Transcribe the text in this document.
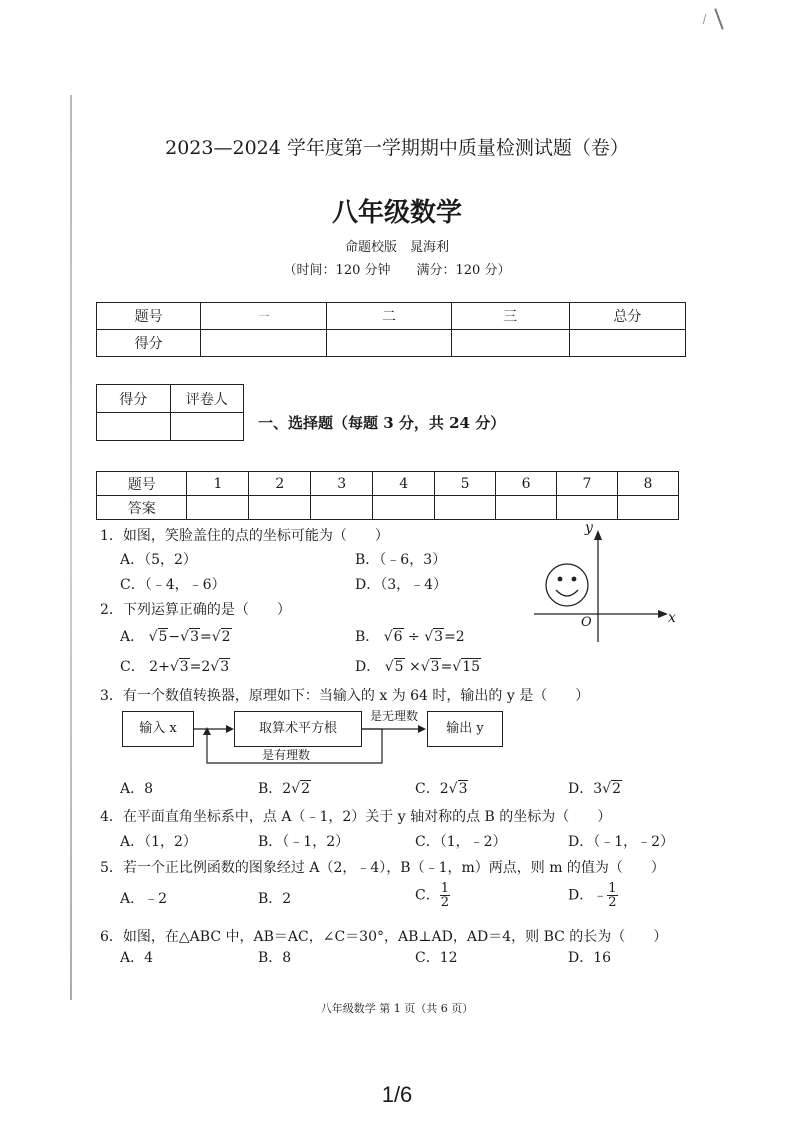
2023—2024 学年度第一学期期中质量检测试题（卷）
八年级数学
命题校版　晁海利
（时间：120 分钟　　满分：120 分）
题号	一	二	三	总分
得分				
得分	评卷人

一、选择题（每题 3 分，共 24 分）
题号	1	2	3	4	5	6	7	8
答案								
1．如图，笑脸盖住的点的坐标可能为（　　）
A．（5，2）	B．（﹣6，3）
C．（﹣4，﹣6）	D．（3，﹣4）
x
y
O
2．下列运算正确的是（　　）
A． √5−√3=√2	B． √6 ÷ √3=2
C． 2+√3=2√3	D． √5 ×√3=√15
3．有一个数值转换器，原理如下：当输入的 x 为 64 时，输出的 y 是（　　）
输入 x	取算术平方根	输出 y
是无理数
是有理数
A．8	B．2√2	C．2√3	D．3√2
4．在平面直角坐标系中，点 A（﹣1，2）关于 y 轴对称的点 B 的坐标为（　　）
A．（1，2）	B．（﹣1，2）	C．（1，﹣2）	D．（﹣1，﹣2）
5．若一个正比例函数的图象经过 A（2，﹣4），B（﹣1，m）两点，则 m 的值为（　　）
A．﹣2	B．2	C． $\frac{1}{2}$	D．﹣ $\frac{1}{2}$
6．如图，在△ABC 中，AB＝AC，∠C＝30°，AB⊥AD，AD＝4，则 BC 的长为（　　）
A．4	B．8	C．12	D．16
八年级数学 第 1 页（共 6 页）
1/6
